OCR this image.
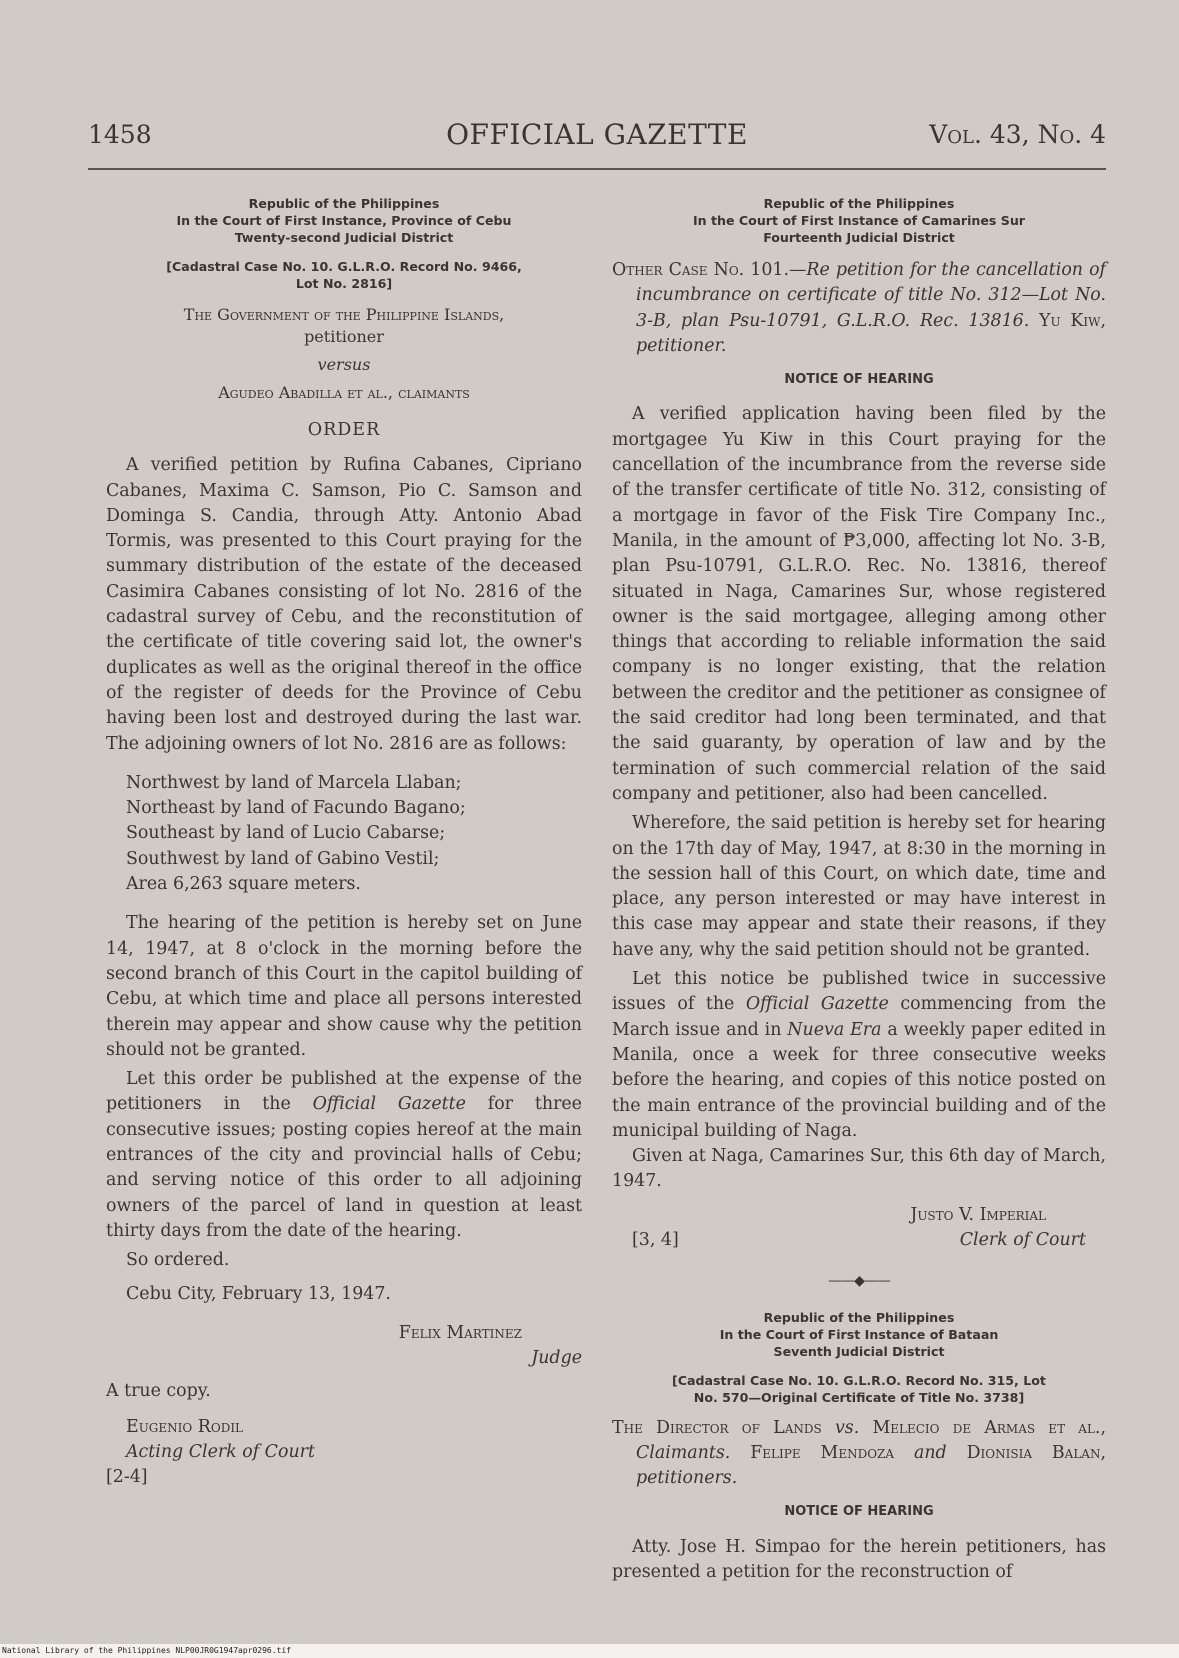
1458	OFFICIAL GAZETTE	Vol. 43, No. 4
Republic of the Philippines
In the Court of First Instance, Province of Cebu
Twenty-second Judicial District
[Cadastral Case No. 10. G.L.R.O. Record No. 9466,
Lot No. 2816]
The Government of the Philippine Islands,
petitioner
versus
Agudeo Abadilla et al., claimants
ORDER

A verified petition by Rufina Cabanes, Cipriano Cabanes, Maxima C. Samson, Pio C. Samson and Dominga S. Candia, through Atty. Antonio Abad Tormis, was presented to this Court praying for the summary distribution of the estate of the deceased Casimira Cabanes consisting of lot No. 2816 of the cadastral survey of Cebu, and the reconstitution of the certificate of title covering said lot, the owner's duplicates as well as the original thereof in the office of the register of deeds for the Province of Cebu having been lost and destroyed during the last war. The adjoining owners of lot No. 2816 are as follows:

Northwest by land of Marcela Llaban;
Northeast by land of Facundo Bagano;
Southeast by land of Lucio Cabarse;
Southwest by land of Gabino Vestil;
Area 6,263 square meters.

The hearing of the petition is hereby set on June 14, 1947, at 8 o'clock in the morning before the second branch of this Court in the capitol building of Cebu, at which time and place all persons interested therein may appear and show cause why the petition should not be granted.

Let this order be published at the expense of the petitioners in the Official Gazette for three consecutive issues; posting copies hereof at the main entrances of the city and provincial halls of Cebu; and serving notice of this order to all adjoining owners of the parcel of land in question at least thirty days from the date of the hearing.

So ordered.

Cebu City, February 13, 1947.

Felix Martinez
Judge
A true copy.
Eugenio Rodil
Acting Clerk of Court
[2-4]
Republic of the Philippines
In the Court of First Instance of Camarines Sur
Fourteenth Judicial District

Other Case No. 101.—Re petition for the cancellation of incumbrance on certificate of title No. 312—Lot No. 3-B, plan Psu-10791, G.L.R.O. Rec. 13816. Yu Kiw, petitioner.

NOTICE OF HEARING

A verified application having been filed by the mortgagee Yu Kiw in this Court praying for the cancellation of the incumbrance from the reverse side of the transfer certificate of title No. 312, consisting of a mortgage in favor of the Fisk Tire Company Inc., Manila, in the amount of ₱3,000, affecting lot No. 3-B, plan Psu-10791, G.L.R.O. Rec. No. 13816, thereof situated in Naga, Camarines Sur, whose registered owner is the said mortgagee, alleging among other things that according to reliable information the said company is no longer existing, that the relation between the creditor and the petitioner as consignee of the said creditor had long been terminated, and that the said guaranty, by operation of law and by the termination of such commercial relation of the said company and petitioner, also had been cancelled.

Wherefore, the said petition is hereby set for hearing on the 17th day of May, 1947, at 8:30 in the morning in the session hall of this Court, on which date, time and place, any person interested or may have interest in this case may appear and state their reasons, if they have any, why the said petition should not be granted.

Let this notice be published twice in successive issues of the Official Gazette commencing from the March issue and in Nueva Era a weekly paper edited in Manila, once a week for three consecutive weeks before the hearing, and copies of this notice posted on the main entrance of the provincial building and of the municipal building of Naga.

Given at Naga, Camarines Sur, this 6th day of March, 1947.

Justo V. Imperial
[3, 4]	Clerk of Court
——◆——
Republic of the Philippines
In the Court of First Instance of Bataan
Seventh Judicial District
[Cadastral Case No. 10. G.L.R.O. Record No. 315, Lot
No. 570—Original Certificate of Title No. 3738]

The Director of Lands vs. Melecio de Armas et al., Claimants. Felipe Mendoza and Dionisia Balan, petitioners.

NOTICE OF HEARING

Atty. Jose H. Simpao for the herein petitioners, has presented a petition for the reconstruction of

National Library of the Philippines NLP00JR0G1947apr0296.tif
